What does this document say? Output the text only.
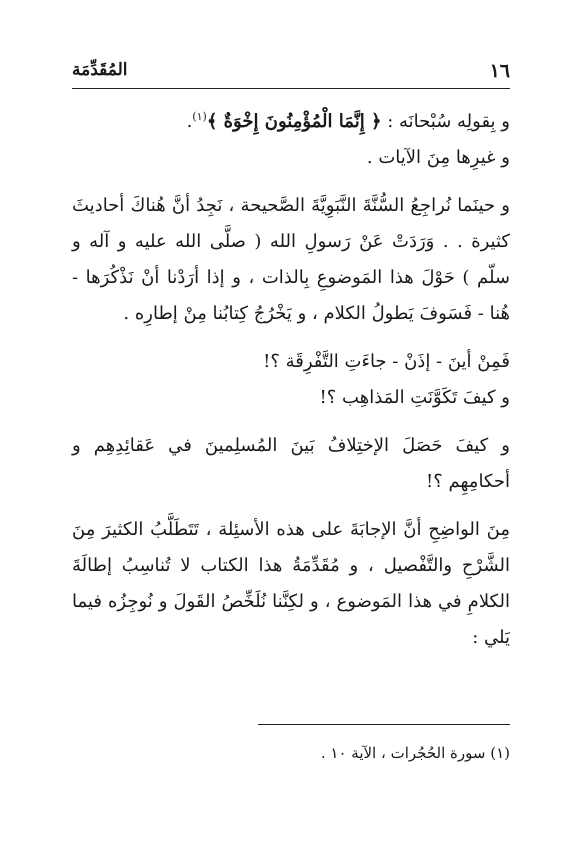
١٦
المُقَدِّمَة

و بِقولِه سُبْحانَه : ﴿ إِنَّمَا الْمُؤْمِنُونَ إِخْوَةٌ ﴾$^{(١)}$.

و غيرِها مِنَ الآيات .

و حينَما نُراجِعُ السُّنَّةَ النَّبَوِيَّةَ الصَّحيحة ، نَجِدُ أنَّ هُناكَ أحاديثَ كثيرة . . وَرَدَتْ عَنْ رَسولِ الله ( صلَّى الله عليه و آله و سلّم ) حَوْلَ هذا المَوضوعِ بِالذات ، و إذا أرَدْنا أنْ نَذْكُرَها - هُنا - فَسَوفَ يَطولُ الكلام ، و يَخْرُجُ كِتابُنا مِنْ إطارِه .

فَمِنْ أينَ - إذَنْ - جاءَتِ التَّفْرِقَة ؟!

و كيفَ تَكَوَّنَتِ المَذاهِب ؟!

و كيفَ حَصَلَ الإختِلافُ بَينَ المُسلِمينَ في عَقائِدِهِم و أحكامِهِم ؟!

مِنَ الواضِحِ أنَّ الإجابَةَ على هذه الأسئِلة ، تَتَطَلَّبُ الكثيرَ مِنَ الشَّرْحِ والتَّفْصيل ، و مُقَدِّمَةُ هذا الكتاب لا تُناسِبُ إطالَةَ الكلامِ في هذا المَوضوع ، و لكِنَّنا نُلَخِّصُ القَولَ و نُوجِزُه فيما يَلي :

(١) سورة الحُجُرات ، الآية ١٠ .
